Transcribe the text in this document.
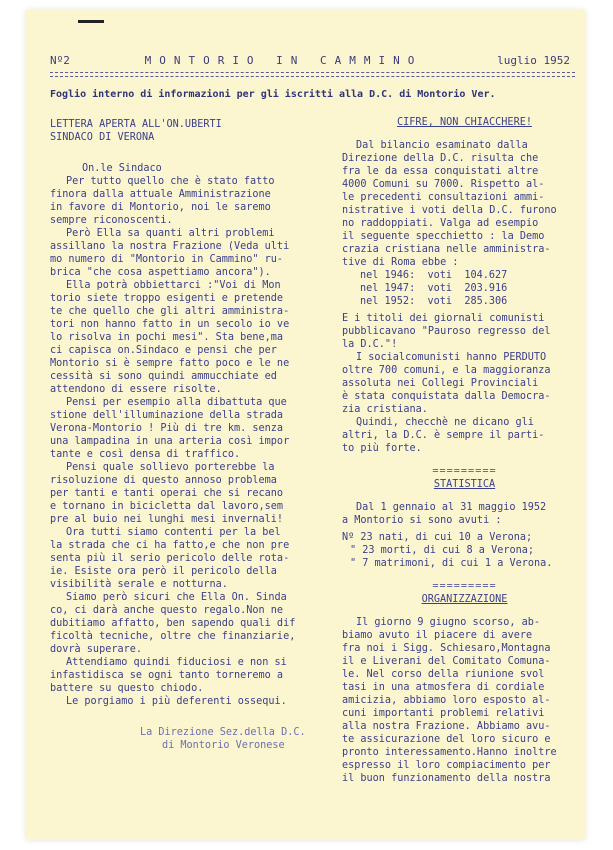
Nº2	MONTORIO IN CAMMINO	luglio 1952
Foglio interno di informazioni per gli iscritti alla D.C. di Montorio Ver.
LETTERA APERTA ALL'ON.UBERTI
SINDACO DI VERONA
On.le Sindaco
Per tutto quello che è stato fatto
finora dalla attuale Amministrazione
in favore di Montorio, noi le saremo
sempre riconoscenti.
Però Ella sa quanti altri problemi
assillano la nostra Frazione (Veda ulti
mo numero di "Montorio in Cammino" ru-
brica "che cosa aspettiamo ancora").
Ella potrà obbiettarci :"Voi di Mon
torio siete troppo esigenti e pretende
te che quello che gli altri amministra-
tori non hanno fatto in un secolo io ve
lo risolva in pochi mesi". Sta bene,ma
ci capisca on.Sindaco e pensi che per
Montorio si è sempre fatto poco e le ne
cessità si sono quindi ammucchiate ed
attendono di essere risolte.
Pensi per esempio alla dibattuta que
stione dell'illuminazione della strada
Verona-Montorio ! Più di tre km. senza
una lampadina in una arteria così impor
tante e così densa di traffico.
Pensi quale sollievo porterebbe la
risoluzione di questo annoso problema
per tanti e tanti operai che si recano
e tornano in bicicletta dal lavoro,sem
pre al buio nei lunghi mesi invernali!
Ora tutti siamo contenti per la bel
la strada che ci ha fatto,e che non pre
senta più il serio pericolo delle rota-
ie. Esiste ora però il pericolo della
visibilità serale e notturna.
Siamo però sicuri che Ella On. Sinda
co, ci darà anche questo regalo.Non ne
dubitiamo affatto, ben sapendo quali dif
ficoltà tecniche, oltre che finanziarie,
dovrà superare.
Attendiamo quindi fiduciosi e non si
infastidisca se ogni tanto torneremo a
battere su questo chiodo.
Le porgiamo i più deferenti ossequi.
La Direzione Sez.della D.C.
di Montorio Veronese
CIFRE, NON CHIACCHERE!
Dal bilancio esaminato dalla
Direzione della D.C. risulta che
fra le da essa conquistati altre
4000 Comuni su 7000. Rispetto al-
le precedenti consultazioni ammi-
nistrative i voti della D.C. furono
no raddoppiati. Valga ad esempio
il seguente specchietto : la Demo
crazia cristiana nelle amministra-
tive di Roma ebbe :
nel 1946: voti 104.627
nel 1947: voti 203.916
nel 1952: voti 285.306
E i titoli dei giornali comunisti
pubblicavano "Pauroso regresso del
la D.C."!
I socialcomunisti hanno PERDUTO
oltre 700 comuni, e la maggioranza
assoluta nei Collegi Provinciali
è stata conquistata dalla Democra-
zia cristiana.
Quindi, checchè ne dicano gli
altri, la D.C. è sempre il parti-
to più forte.
=========
STATISTICA
Dal 1 gennaio al 31 maggio 1952
a Montorio si sono avuti :
Nº 23 nati, di cui 10 a Verona;
" 23 morti, di cui 8 a Verona;
" 7 matrimoni, di cui 1 a Verona.
=========
ORGANIZZAZIONE
Il giorno 9 giugno scorso, ab-
biamo avuto il piacere di avere
fra noi i Sigg. Schiesaro,Montagna
il e Liverani del Comitato Comuna-
le. Nel corso della riunione svol
tasi in una atmosfera di cordiale
amicizia, abbiamo loro esposto al-
cuni importanti problemi relativi
alla nostra Frazione. Abbiamo avu-
te assicurazione del loro sicuro e
pronto interessamento.Hanno inoltre
espresso il loro compiacimento per
il buon funzionamento della nostra
